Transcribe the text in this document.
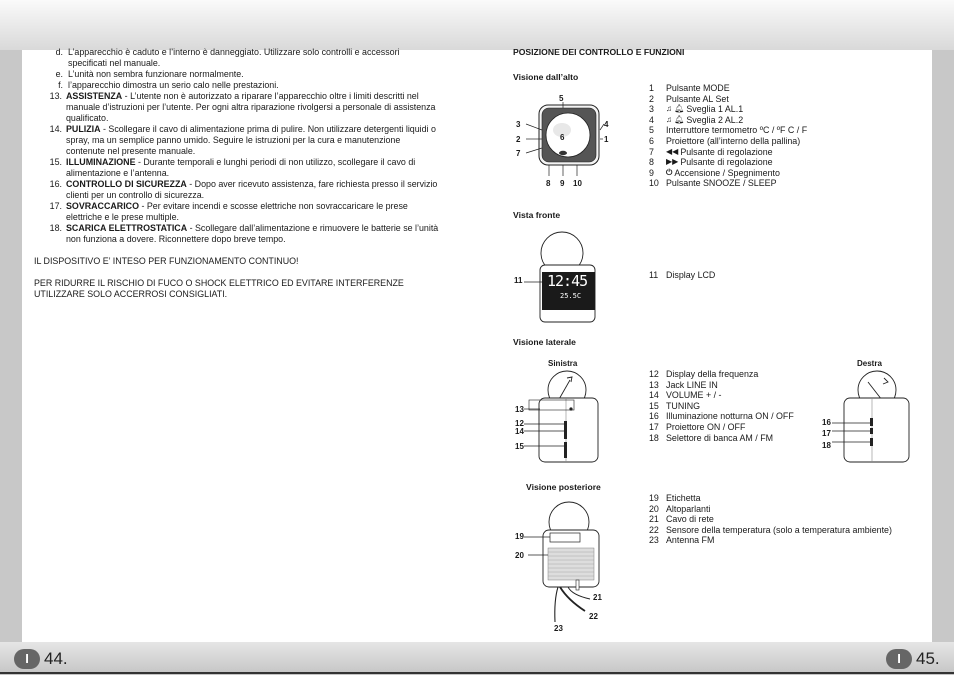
I 44.	I 45.
d. L’apparecchio è caduto e l’interno è danneggiato. Utilizzare solo controlli e accessori specificati nel manuale.
e. L’unità non sembra funzionare normalmente.
f. l’apparecchio dimostra un serio calo nelle prestazioni.
13. ASSISTENZA - L’utente non è autorizzato a riparare l’apparecchio oltre i limiti descritti nel manuale d’istruzioni per l’utente. Per ogni altra riparazione rivolgersi a personale di assistenza qualificato.
14. PULIZIA - Scollegare il cavo di alimentazione prima di pulire. Non utilizzare detergenti liquidi o spray, ma un semplice panno umido. Seguire le istruzioni per la cura e manutenzione contenute nel presente manuale.
15. ILLUMINAZIONE - Durante temporali e lunghi periodi di non utilizzo, scollegare il cavo di alimentazione e l’antenna.
16. CONTROLLO DI SICUREZZA - Dopo aver ricevuto assistenza, fare richiesta presso il servizio clienti per un controllo di sicurezza.
17. SOVRACCARICO - Per evitare incendi e scosse elettriche non sovraccaricare le prese elettriche e le prese multiple.
18. SCARICA ELETTROSTATICA - Scollegare dall’alimentazione e rimuovere le batterie se l’unità non funziona a dovere. Riconnettere dopo breve tempo.
IL DISPOSITIVO E’ INTESO PER FUNZIONAMENTO CONTINUO!
PER RIDURRE IL RISCHIO DI FUCO O SHOCK ELETTRICO ED EVITARE INTERFERENZE UTILIZZARE SOLO ACCERROSI CONSIGLIATI.
POSIZIONE DEI CONTROLLO E FUNZIONI
Visione dall’alto
Vista fronte
Visione laterale
Visione posteriore
1	Pulsante MODE
2	Pulsante AL Set
3	♫ 🔔︎ Sveglia 1 AL.1
4	♫ 🔔︎ Sveglia 2 AL.2
5	Interruttore termometro ºC / ºF C / F
6	Proiettore (all’interno della pallina)
7	◀◀ Pulsante di regolazione
8	▶▶ Pulsante di regolazione
9	⏻ Accensione / Spegnimento
10 Pulsante SNOOZE / SLEEP
5
3	4
2	1
7
6
8 9 10
11 Display LCD
11 12:45
25.5C
Sinistra	Destra
12 Display della frequenza
13 Jack LINE IN
14 VOLUME + / -
15 TUNING
16 Illuminazione notturna ON / OFF
17 Proiettore ON / OFF
18 Selettore di banca AM / FM
13
12
14
15
16
17
18
19 Etichetta
20 Altoparlanti
21 Cavo di rete
22 Sensore della temperatura (solo a temperatura ambiente)
23 Antenna FM
19
20
21
22
23
